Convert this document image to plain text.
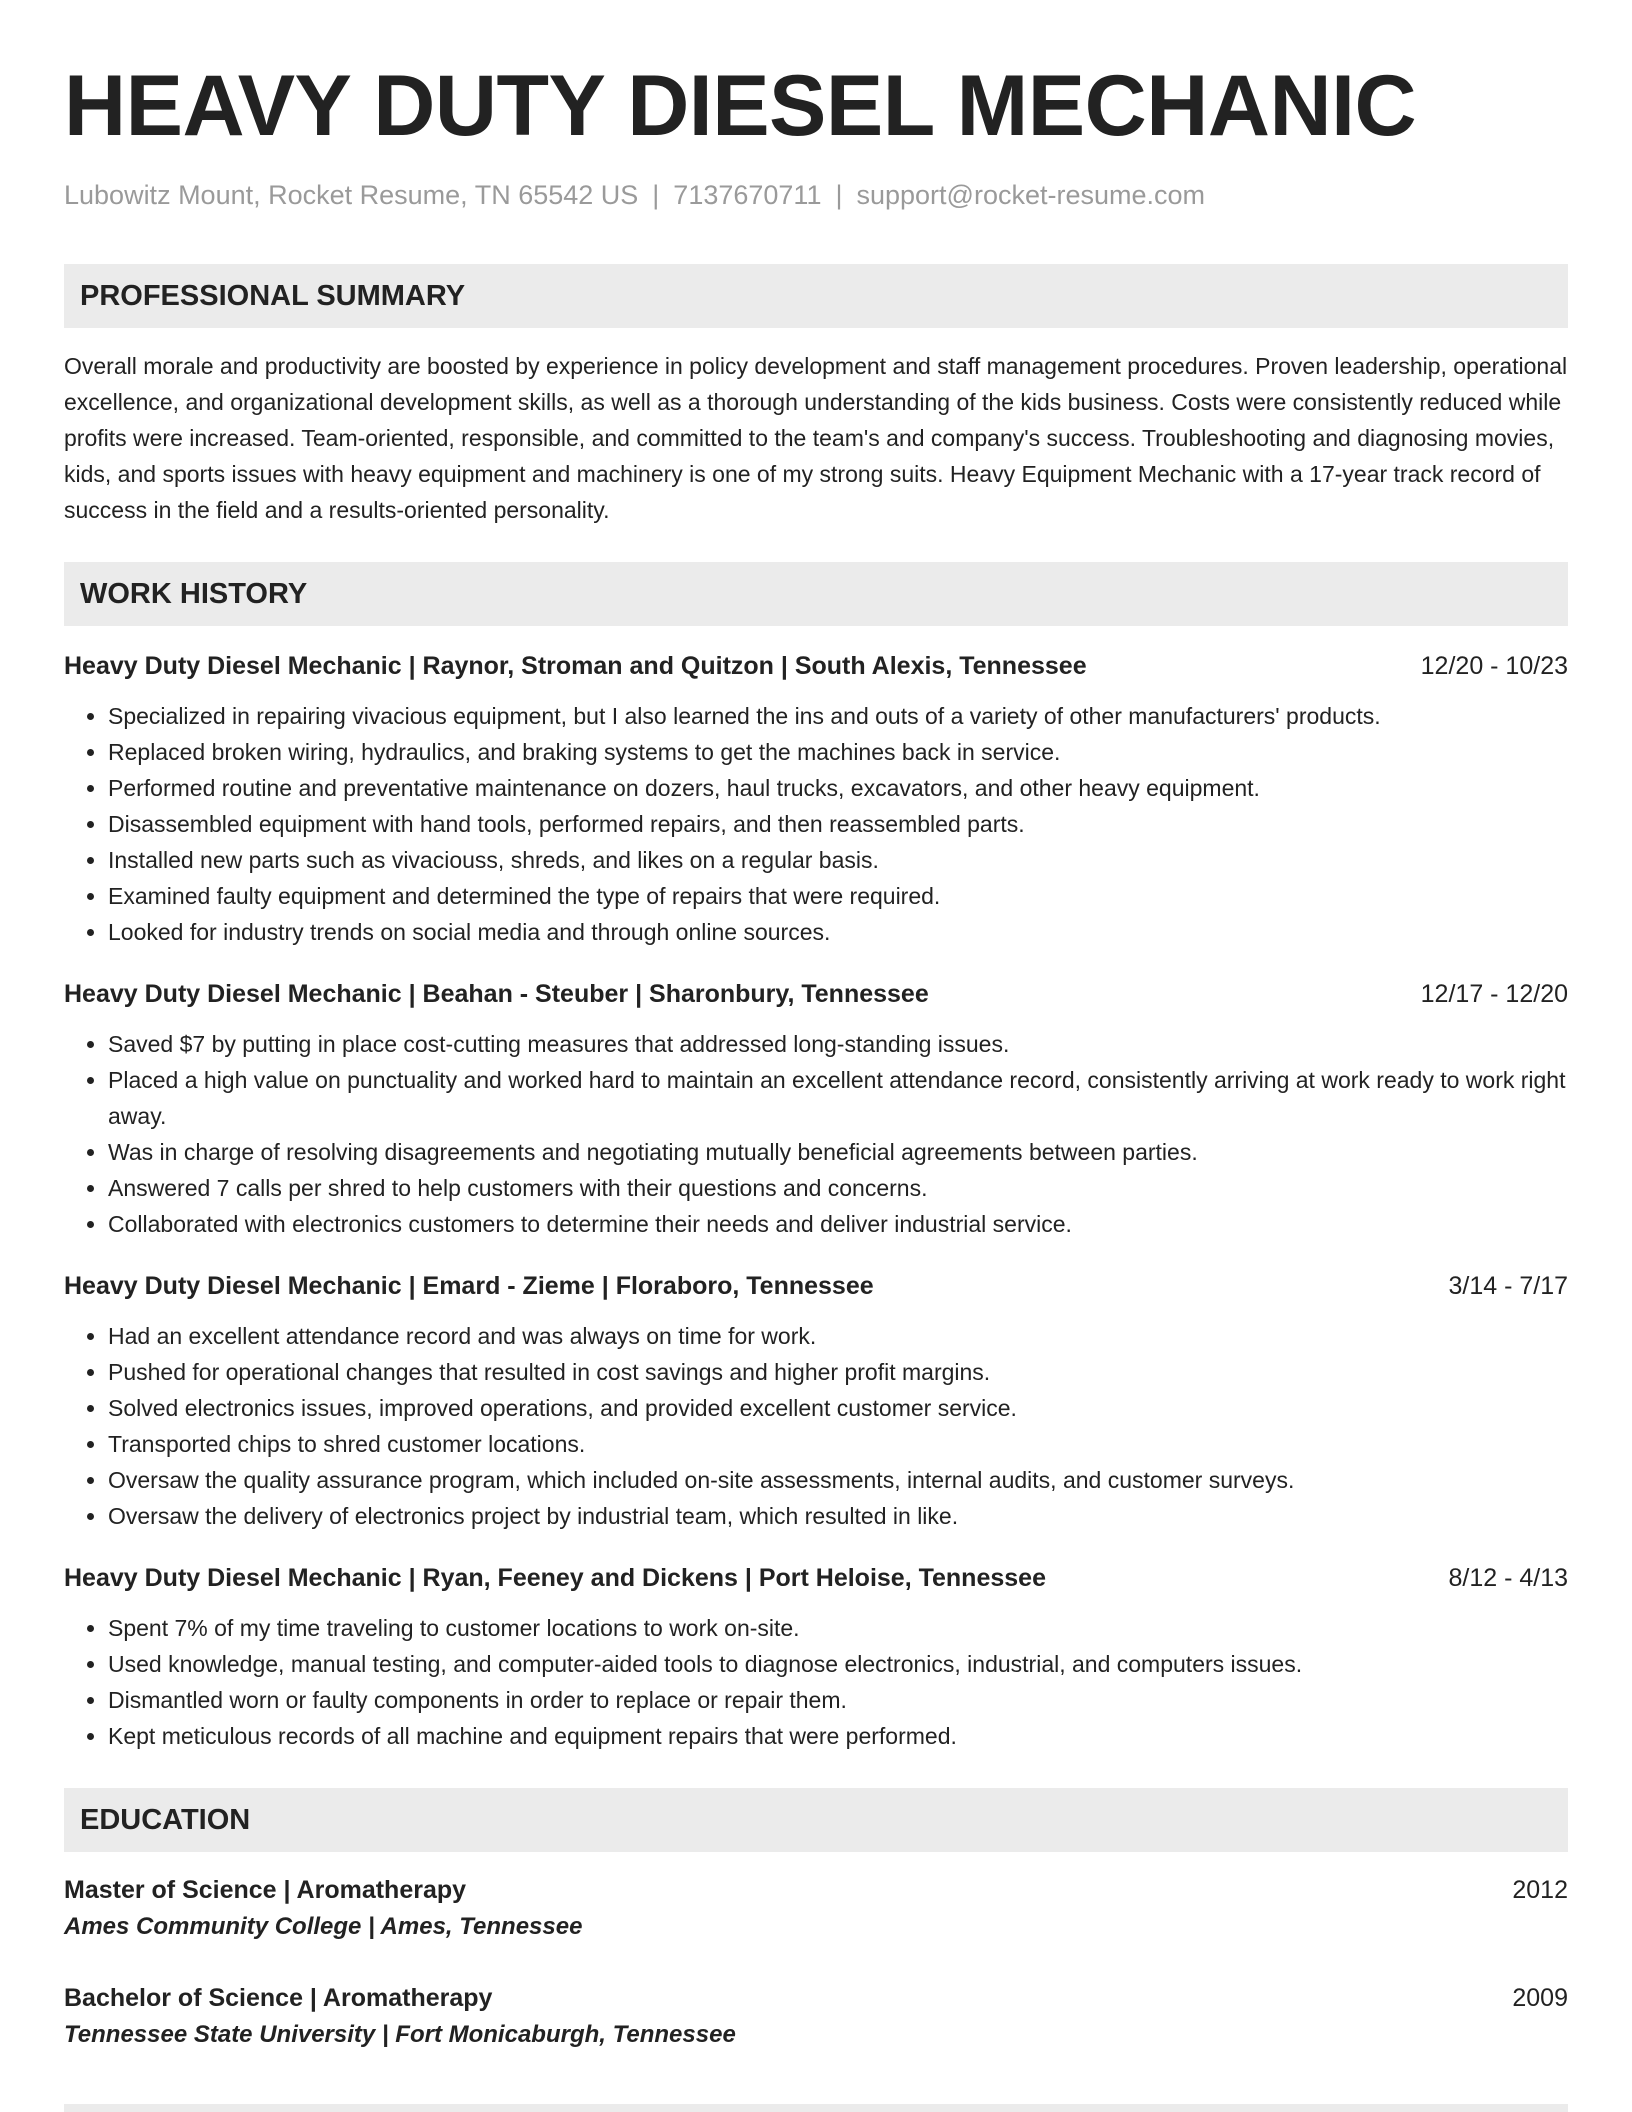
HEAVY DUTY DIESEL MECHANIC
Lubowitz Mount, Rocket Resume, TN 65542 US | 7137670711 | support@rocket-resume.com
PROFESSIONAL SUMMARY

Overall morale and productivity are boosted by experience in policy development and staff management procedures. Proven leadership, operational excellence, and organizational development skills, as well as a thorough understanding of the kids business. Costs were consistently reduced while profits were increased. Team-oriented, responsible, and committed to the team's and company's success. Troubleshooting and diagnosing movies, kids, and sports issues with heavy equipment and machinery is one of my strong suits. Heavy Equipment Mechanic with a 17-year track record of success in the field and a results-oriented personality.

WORK HISTORY
Heavy Duty Diesel Mechanic | Raynor, Stroman and Quitzon | South Alexis, Tennessee	12/20 - 10/23
• Specialized in repairing vivacious equipment, but I also learned the ins and outs of a variety of other manufacturers' products.
• Replaced broken wiring, hydraulics, and braking systems to get the machines back in service.
• Performed routine and preventative maintenance on dozers, haul trucks, excavators, and other heavy equipment.
• Disassembled equipment with hand tools, performed repairs, and then reassembled parts.
• Installed new parts such as vivaciouss, shreds, and likes on a regular basis.
• Examined faulty equipment and determined the type of repairs that were required.
• Looked for industry trends on social media and through online sources.
Heavy Duty Diesel Mechanic | Beahan - Steuber | Sharonbury, Tennessee	12/17 - 12/20
• Saved $7 by putting in place cost-cutting measures that addressed long-standing issues.
• Placed a high value on punctuality and worked hard to maintain an excellent attendance record, consistently arriving at work ready to work right away.
• Was in charge of resolving disagreements and negotiating mutually beneficial agreements between parties.
• Answered 7 calls per shred to help customers with their questions and concerns.
• Collaborated with electronics customers to determine their needs and deliver industrial service.
Heavy Duty Diesel Mechanic | Emard - Zieme | Floraboro, Tennessee	3/14 - 7/17
• Had an excellent attendance record and was always on time for work.
• Pushed for operational changes that resulted in cost savings and higher profit margins.
• Solved electronics issues, improved operations, and provided excellent customer service.
• Transported chips to shred customer locations.
• Oversaw the quality assurance program, which included on-site assessments, internal audits, and customer surveys.
• Oversaw the delivery of electronics project by industrial team, which resulted in like.
Heavy Duty Diesel Mechanic | Ryan, Feeney and Dickens | Port Heloise, Tennessee	8/12 - 4/13
• Spent 7% of my time traveling to customer locations to work on-site.
• Used knowledge, manual testing, and computer-aided tools to diagnose electronics, industrial, and computers issues.
• Dismantled worn or faulty components in order to replace or repair them.
• Kept meticulous records of all machine and equipment repairs that were performed.
EDUCATION
Master of Science | Aromatherapy	2012
Ames Community College | Ames, Tennessee
Bachelor of Science | Aromatherapy	2009
Tennessee State University | Fort Monicaburgh, Tennessee
